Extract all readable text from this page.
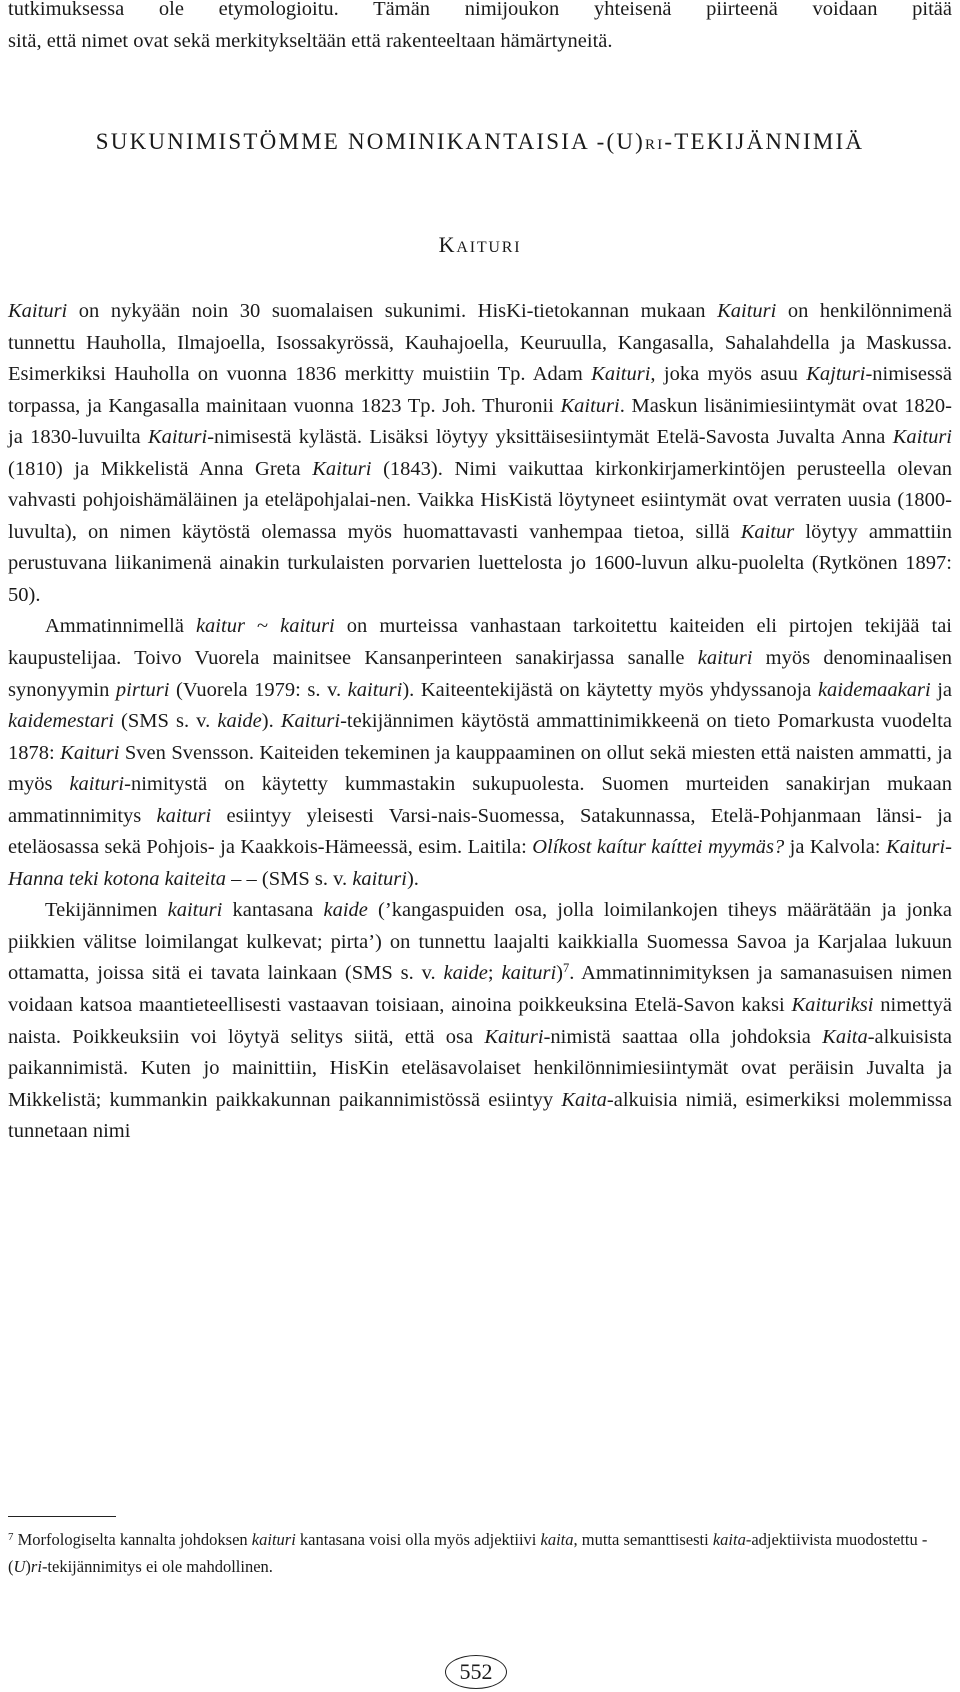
tutkimuksessa ole etymologioitu. Tämän nimijoukon yhteisenä piirteenä voidaan pitää

sitä, että nimet ovat sekä merkitykseltään että rakenteeltaan hämärtyneitä.

SUKUNIMISTÖMME NOMINIKANTAISIA -(U)RI-TEKIJÄNNIMIÄ
KAITURI

Kaituri on nykyään noin 30 suomalaisen sukunimi. HisKi-tietokannan mukaan Kaituri on henkilönnimenä tunnettu Hauholla, Ilmajoella, Isossakyrössä, Kauhajoella, Keuruulla, Kangasalla, Sahalahdella ja Maskussa. Esimerkiksi Hauholla on vuonna 1836 merkitty muistiin Tp. Adam Kaituri, joka myös asuu Kajturi-nimisessä torpassa, ja Kangasalla mainitaan vuonna 1823 Tp. Joh. Thuronii Kaituri. Maskun lisänimiesiintymät ovat 1820- ja 1830-luvuilta Kaituri-nimisestä kylästä. Lisäksi löytyy yksittäisesiintymät Etelä-Savosta Juvalta Anna Kaituri (1810) ja Mikkelistä Anna Greta Kaituri (1843). Nimi vaikuttaa kirkonkirjamerkintöjen perusteella olevan vahvasti pohjoishämäläinen ja eteläpohjalai-nen. Vaikka HisKistä löytyneet esiintymät ovat verraten uusia (1800-luvulta), on nimen käytöstä olemassa myös huomattavasti vanhempaa tietoa, sillä Kaitur löytyy ammattiin perustuvana liikanimenä ainakin turkulaisten porvarien luettelosta jo 1600-luvun alku-puolelta (Rytkönen 1897: 50).

Ammatinnimellä kaitur ~ kaituri on murteissa vanhastaan tarkoitettu kaiteiden eli pirtojen tekijää tai kaupustelijaa. Toivo Vuorela mainitsee Kansanperinteen sanakirjassa sanalle kaituri myös denominaalisen synonyymin pirturi (Vuorela 1979: s. v. kaituri). Kaiteentekijästä on käytetty myös yhdyssanoja kaidemaakari ja kaidemestari (SMS s. v. kaide). Kaituri-tekijännimen käytöstä ammattinimikkeenä on tieto Pomarkusta vuodelta 1878: Kaituri Sven Svensson. Kaiteiden tekeminen ja kauppaaminen on ollut sekä miesten että naisten ammatti, ja myös kaituri-nimitystä on käytetty kummastakin sukupuolesta. Suomen murteiden sanakirjan mukaan ammatinnimitys kaituri esiintyy yleisesti Varsi-nais-Suomessa, Satakunnassa, Etelä-Pohjanmaan länsi- ja eteläosassa sekä Pohjois- ja Kaakkois-Hämeessä, esim. Laitila: Olíkost kaítur kaíttei myymäs? ja Kalvola: Kaituri-Hanna teki kotona kaiteita – – (SMS s. v. kaituri).

Tekijännimen kaituri kantasana kaide (’kangaspuiden osa, jolla loimilankojen tiheys määrätään ja jonka piikkien välitse loimilangat kulkevat; pirta’) on tunnettu laajalti kaikkialla Suomessa Savoa ja Karjalaa lukuun ottamatta, joissa sitä ei tavata lainkaan (SMS s. v. kaide; kaituri)$^7$. Ammatinnimityksen ja samanasuisen nimen voidaan katsoa maantieteellisesti vastaavan toisiaan, ainoina poikkeuksina Etelä-Savon kaksi Kaituriksi nimettyä naista. Poikkeuksiin voi löytyä selitys siitä, että osa Kaituri-nimistä saattaa olla johdoksia Kaita-alkuisista paikannimistä. Kuten jo mainittiin, HisKin eteläsavolaiset henkilönnimiesiintymät ovat peräisin Juvalta ja Mikkelistä; kummankin paikkakunnan paikannimistössä esiintyy Kaita-alkuisia nimiä, esimerkiksi molemmissa tunnetaan nimi

$^7$ Morfologiselta kannalta johdoksen kaituri kantasana voisi olla myös adjektiivi kaita, mutta semanttisesti kaita-adjektiivista muodostettu -(U)ri-tekijännimitys ei ole mahdollinen.
552
